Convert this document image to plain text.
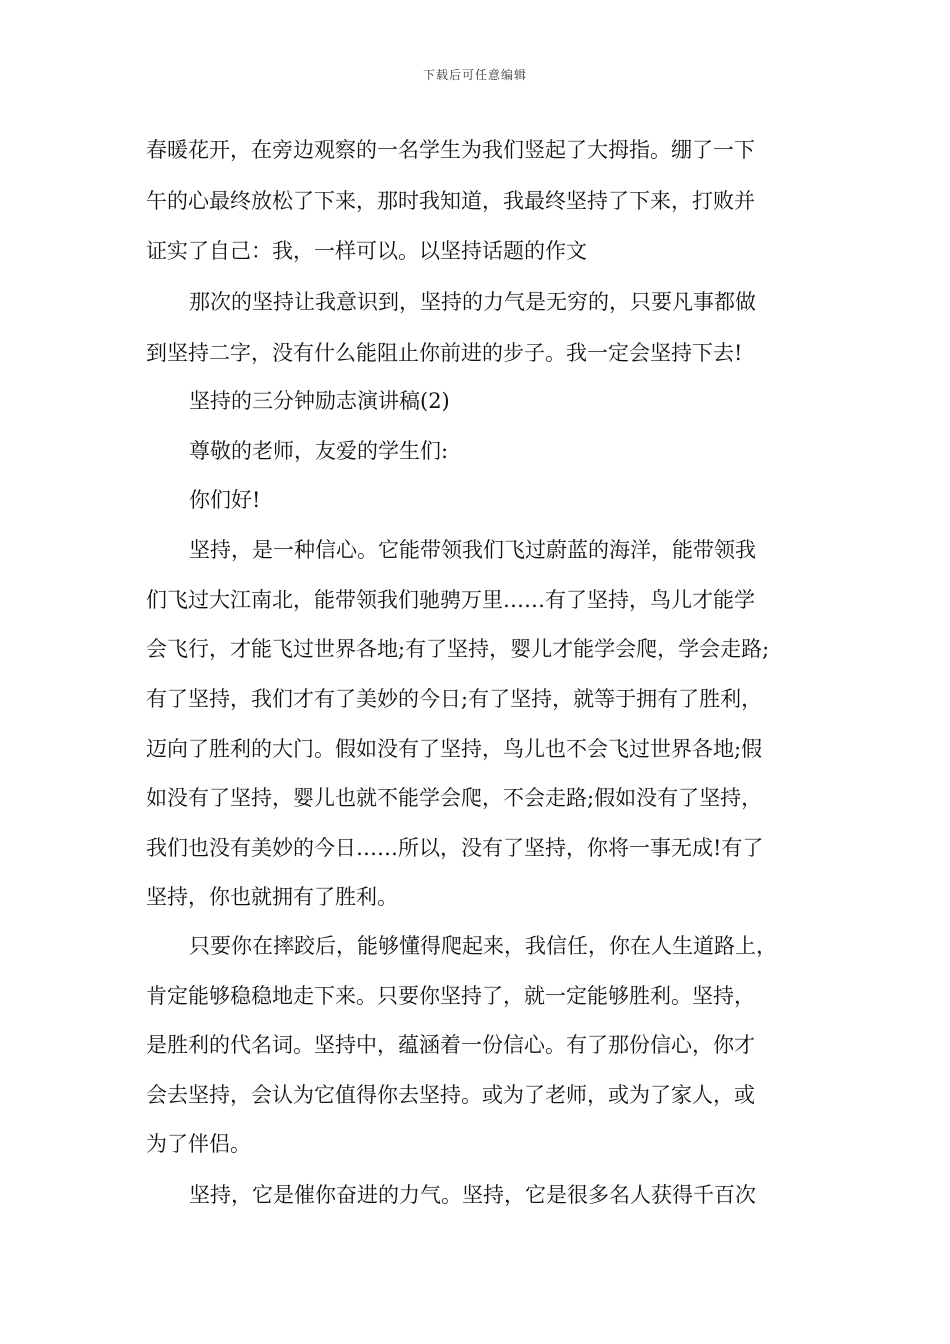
下载后可任意编辑
春暖花开，在旁边观察的一名学生为我们竖起了大拇指。绷了一下
午的心最终放松了下来，那时我知道，我最终坚持了下来，打败并
证实了自己：我，一样可以。以坚持话题的作文
那次的坚持让我意识到，坚持的力气是无穷的，只要凡事都做
到坚持二字，没有什么能阻止你前进的步子。我一定会坚持下去!
坚持的三分钟励志演讲稿(2)
尊敬的老师，友爱的学生们:
你们好!
坚持，是一种信心。它能带领我们飞过蔚蓝的海洋，能带领我
们飞过大江南北，能带领我们驰骋万里……有了坚持，鸟儿才能学
会飞行，才能飞过世界各地;有了坚持，婴儿才能学会爬，学会走路;
有了坚持，我们才有了美妙的今日;有了坚持，就等于拥有了胜利，
迈向了胜利的大门。假如没有了坚持，鸟儿也不会飞过世界各地;假
如没有了坚持，婴儿也就不能学会爬，不会走路;假如没有了坚持，
我们也没有美妙的今日……所以，没有了坚持，你将一事无成!有了
坚持，你也就拥有了胜利。
只要你在摔跤后，能够懂得爬起来，我信任，你在人生道路上，
肯定能够稳稳地走下来。只要你坚持了，就一定能够胜利。坚持，
是胜利的代名词。坚持中，蕴涵着一份信心。有了那份信心，你才
会去坚持，会认为它值得你去坚持。或为了老师，或为了家人，或
为了伴侣。
坚持，它是催你奋进的力气。坚持，它是很多名人获得千百次
